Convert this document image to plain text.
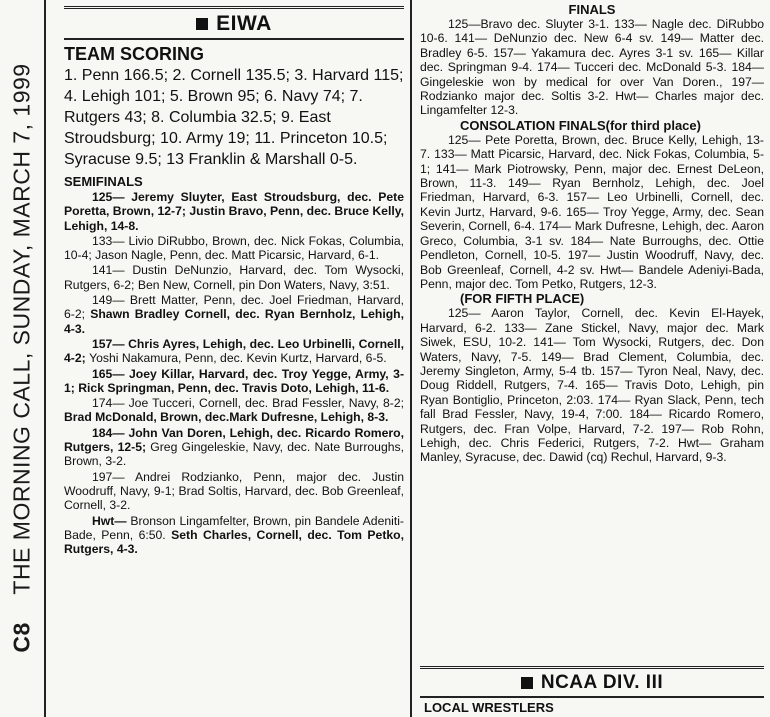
C8    THE MORNING CALL, SUNDAY, MARCH 7, 1999
EIWA
TEAM SCORING
1. Penn 166.5; 2. Cornell 135.5; 3. Harvard 115; 4. Lehigh 101; 5. Brown 95; 6. Navy 74; 7. Rutgers 43; 8. Columbia 32.5; 9. East Stroudsburg; 10. Army 19; 11. Princeton 10.5; Syracuse 9.5; 13 Franklin & Marshall 0-5.
SEMIFINALS
125— Jeremy Sluyter, East Stroudsburg, dec. Pete Poretta, Brown, 12-7; Justin Bravo, Penn, dec. Bruce Kelly, Lehigh, 14-8.
133— Livio DiRubbo, Brown, dec. Nick Fokas, Columbia, 10-4; Jason Nagle, Penn, dec. Matt Picarsic, Harvard, 6-1.
141— Dustin DeNunzio, Harvard, dec. Tom Wysocki, Rutgers, 6-2; Ben New, Cornell, pin Don Waters, Navy, 3:51.
149— Brett Matter, Penn, dec. Joel Friedman, Harvard, 6-2; Shawn Bradley Cornell, dec. Ryan Bernholz, Lehigh, 4-3.
157— Chris Ayres, Lehigh, dec. Leo Urbinelli, Cornell, 4-2; Yoshi Nakamura, Penn, dec. Kevin Kurtz, Harvard, 6-5.
165— Joey Killar, Harvard, dec. Troy Yegge, Army, 3-1; Rick Springman, Penn, dec. Travis Doto, Lehigh, 11-6.
174— Joe Tucceri, Cornell, dec. Brad Fessler, Navy, 8-2; Brad McDonald, Brown, dec.Mark Dufresne, Lehigh, 8-3.
184— John Van Doren, Lehigh, dec. Ricardo Romero, Rutgers, 12-5; Greg Gingeleskie, Navy, dec. Nate Burroughs, Brown, 3-2.
197— Andrei Rodzianko, Penn, major dec. Justin Woodruff, Navy, 9-1; Brad Soltis, Harvard, dec. Bob Greenleaf, Cornell, 3-2.
Hwt— Bronson Lingamfelter, Brown, pin Bandele Adeniti-Bade, Penn, 6:50. Seth Charles, Cornell, dec. Tom Petko, Rutgers, 4-3.
FINALS
125—Bravo dec. Sluyter 3-1. 133— Nagle dec. DiRubbo 10-6. 141— DeNunzio dec. New 6-4 sv. 149— Matter dec. Bradley 6-5. 157— Yakamura dec. Ayres 3-1 sv. 165— Killar dec. Springman 9-4. 174— Tucceri dec. McDonald 5-3. 184— Gingeleskie won by medical for over Van Doren., 197— Rodzianko major dec. Soltis 3-2. Hwt— Charles major dec. Lingamfelter 12-3.
CONSOLATION FINALS(for third place)
125— Pete Poretta, Brown, dec. Bruce Kelly, Lehigh, 13-7. 133— Matt Picarsic, Harvard, dec. Nick Fokas, Columbia, 5-1; 141— Mark Piotrowsky, Penn, major dec. Ernest DeLeon, Brown, 11-3. 149— Ryan Bernholz, Lehigh, dec. Joel Friedman, Harvard, 6-3. 157— Leo Urbinelli, Cornell, dec. Kevin Jurtz, Harvard, 9-6. 165— Troy Yegge, Army, dec. Sean Severin, Cornell, 6-4. 174— Mark Dufresne, Lehigh, dec. Aaron Greco, Columbia, 3-1 sv. 184— Nate Burroughs, dec. Ottie Pendleton, Cornell, 10-5. 197— Justin Woodruff, Navy, dec. Bob Greenleaf, Cornell, 4-2 sv. Hwt— Bandele Adeniyi-Bada, Penn, major dec. Tom Petko, Rutgers, 12-3.
(FOR FIFTH PLACE)
125— Aaron Taylor, Cornell, dec. Kevin El-Hayek, Harvard, 6-2. 133— Zane Stickel, Navy, major dec. Mark Siwek, ESU, 10-2. 141— Tom Wysocki, Rutgers, dec. Don Waters, Navy, 7-5. 149— Brad Clement, Columbia, dec. Jeremy Singleton, Army, 5-4 tb. 157— Tyron Neal, Navy, dec. Doug Riddell, Rutgers, 7-4. 165— Travis Doto, Lehigh, pin Ryan Bontiglio, Princeton, 2:03. 174— Ryan Slack, Penn, tech fall Brad Fessler, Navy, 19-4, 7:00. 184— Ricardo Romero, Rutgers, dec. Fran Volpe, Harvard, 7-2. 197— Rob Rohn, Lehigh, dec. Chris Federici, Rutgers, 7-2. Hwt— Graham Manley, Syracuse, dec. Dawid (cq) Rechul, Harvard, 9-3.
NCAA DIV. III
LOCAL WRESTLERS
